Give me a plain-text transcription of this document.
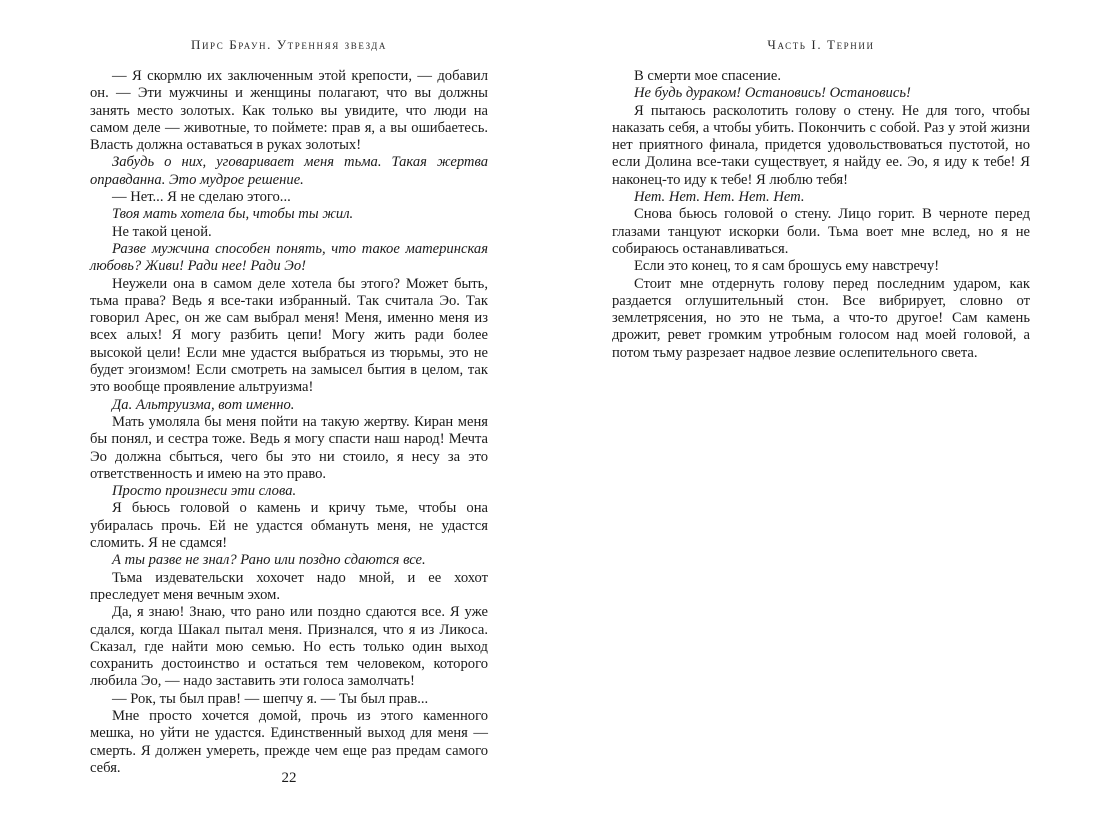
Пирс Браун. Утренняя звезда

— Я скормлю их заключенным этой крепости, — добавил он. — Эти мужчины и женщины полагают, что вы должны занять место золотых. Как только вы увидите, что люди на самом деле — животные, то поймете: прав я, а вы ошибаетесь. Власть должна оставаться в руках золотых!

Забудь о них, уговаривает меня тьма. Такая жертва оправданна. Это мудрое решение.

— Нет... Я не сделаю этого...

Твоя мать хотела бы, чтобы ты жил.

Не такой ценой.

Разве мужчина способен понять, что такое материнская любовь? Живи! Ради нее! Ради Эо!

Неужели она в самом деле хотела бы этого? Может быть, тьма права? Ведь я все-таки избранный. Так считала Эо. Так говорил Арес, он же сам выбрал меня! Меня, именно меня из всех алых! Я могу разбить цепи! Могу жить ради более высокой цели! Если мне удастся выбраться из тюрьмы, это не будет эгоизмом! Если смотреть на замысел бытия в целом, так это вообще проявление альтруизма!

Да. Альтруизма, вот именно.

Мать умоляла бы меня пойти на такую жертву. Киран меня бы понял, и сестра тоже. Ведь я могу спасти наш народ! Мечта Эо должна сбыться, чего бы это ни стоило, я несу за это ответственность и имею на это право.

Просто произнеси эти слова.

Я бьюсь головой о камень и кричу тьме, чтобы она убиралась прочь. Ей не удастся обмануть меня, не удастся сломить. Я не сдамся!

А ты разве не знал? Рано или поздно сдаются все.

Тьма издевательски хохочет надо мной, и ее хохот преследует меня вечным эхом.

Да, я знаю! Знаю, что рано или поздно сдаются все. Я уже сдался, когда Шакал пытал меня. Признался, что я из Ликоса. Сказал, где найти мою семью. Но есть только один выход сохранить достоинство и остаться тем человеком, которого любила Эо, — надо заставить эти голоса замолчать!

— Рок, ты был прав! — шепчу я. — Ты был прав...

Мне просто хочется домой, прочь из этого каменного мешка, но уйти не удастся. Единственный выход для меня — смерть. Я должен умереть, прежде чем еще раз предам самого себя.

22
Часть I. Тернии

В смерти мое спасение.

Не будь дураком! Остановись! Остановись!

Я пытаюсь расколотить голову о стену. Не для того, чтобы наказать себя, а чтобы убить. Покончить с собой. Раз у этой жизни нет приятного финала, придется удовольствоваться пустотой, но если Долина все-таки существует, я найду ее. Эо, я иду к тебе! Я наконец-то иду к тебе! Я люблю тебя!

Нет. Нет. Нет. Нет. Нет.

Снова бьюсь головой о стену. Лицо горит. В черноте перед глазами танцуют искорки боли. Тьма воет мне вслед, но я не собираюсь останавливаться.

Если это конец, то я сам брошусь ему навстречу!

Стоит мне отдернуть голову перед последним ударом, как раздается оглушительный стон. Все вибрирует, словно от землетрясения, но это не тьма, а что-то другое! Сам камень дрожит, ревет громким утробным голосом над моей головой, а потом тьму разрезает надвое лезвие ослепительного света.
